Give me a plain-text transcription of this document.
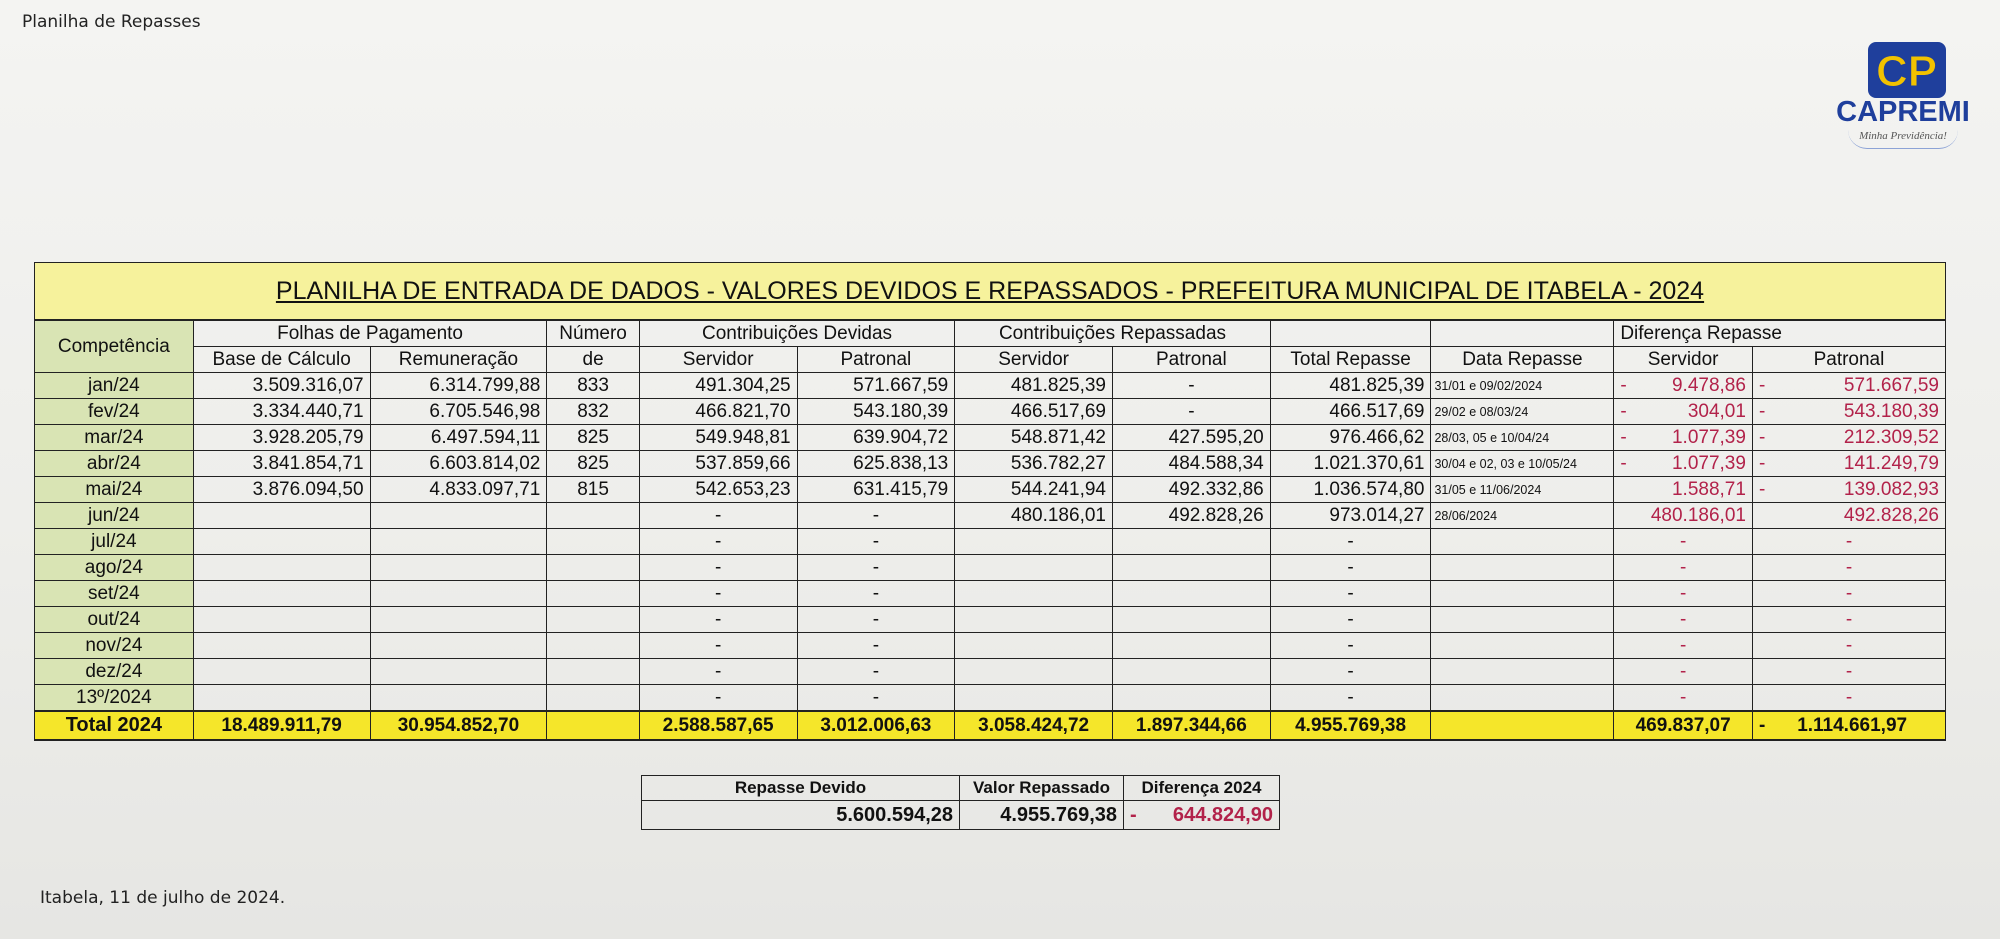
Planilha de Repasses
CP
CAPREMI
Minha Previdência!
PLANILHA DE ENTRADA DE DADOS - VALORES DEVIDOS E REPASSADOS - PREFEITURA MUNICIPAL DE ITABELA - 2024											
Competência	Folhas de Pagamento		Número	Contribuições Devidas		Contribuições Repassadas				Diferença Repasse	
	Base de Cálculo	Remuneração	de	Servidor	Patronal	Servidor	Patronal	Total Repasse	Data Repasse	Servidor	Patronal
jan/24	3.509.316,07	6.314.799,88	833	491.304,25	571.667,59	481.825,39	-	481.825,39	31/01 e 09/02/2024	- 9.478,86	- 571.667,59
fev/24	3.334.440,71	6.705.546,98	832	466.821,70	543.180,39	466.517,69	-	466.517,69	29/02 e 08/03/24	- 304,01	- 543.180,39
mar/24	3.928.205,79	6.497.594,11	825	549.948,81	639.904,72	548.871,42	427.595,20	976.466,62	28/03, 05 e 10/04/24	- 1.077,39	- 212.309,52
abr/24	3.841.854,71	6.603.814,02	825	537.859,66	625.838,13	536.782,27	484.588,34	1.021.370,61	30/04 e 02, 03 e 10/05/24	- 1.077,39	- 141.249,79
mai/24	3.876.094,50	4.833.097,71	815	542.653,23	631.415,79	544.241,94	492.332,86	1.036.574,80	31/05 e 11/06/2024	1.588,71	- 139.082,93
jun/24				-	-	480.186,01	492.828,26	973.014,27	28/06/2024	480.186,01	492.828,26
jul/24				-	-			-		-	-
ago/24				-	-			-		-	-
set/24				-	-			-		-	-
out/24				-	-			-		-	-
nov/24				-	-			-		-	-
dez/24				-	-			-		-	-
13º/2024				-	-			-		-	-
Total 2024	18.489.911,79	30.954.852,70		2.588.587,65	3.012.006,63	3.058.424,72	1.897.344,66	4.955.769,38		469.837,07	- 1.114.661,97
Repasse Devido	Valor Repassado	Diferença 2024
5.600.594,28	4.955.769,38	- 644.824,90
Itabela, 11 de julho de 2024.
